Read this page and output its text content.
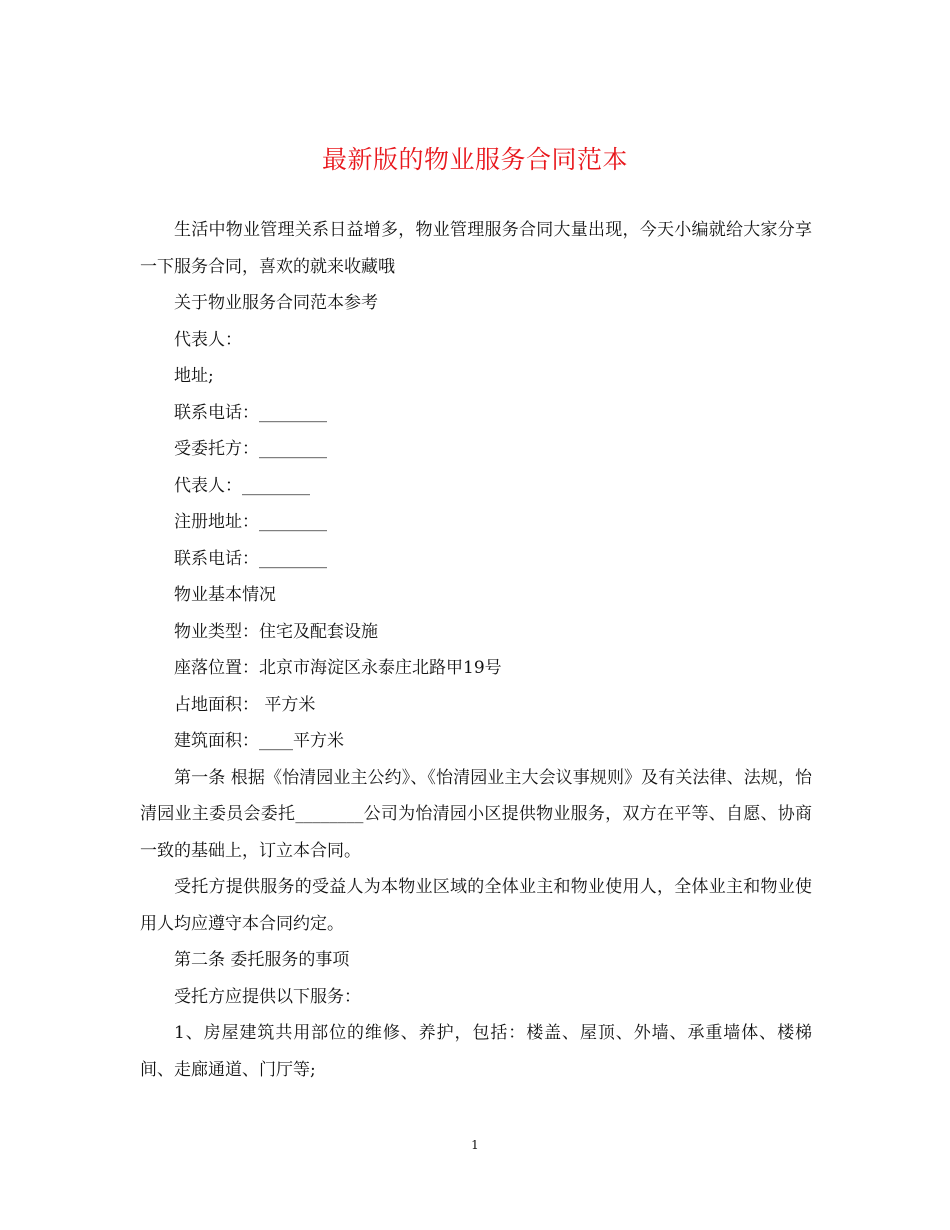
最新版的物业服务合同范本

生活中物业管理关系日益增多，物业管理服务合同大量出现，今天小编就给大家分享一下服务合同，喜欢的就来收藏哦

关于物业服务合同范本参考

代表人：

地址;

联系电话：________

受委托方：________

代表人：________

注册地址：________

联系电话：________

物业基本情况

物业类型：住宅及配套设施

座落位置：北京市海淀区永泰庄北路甲19号

占地面积： 平方米

建筑面积：____平方米

第一条 根据《怡清园业主公约》、《怡清园业主大会议事规则》及有关法律、法规，怡清园业主委员会委托________公司为怡清园小区提供物业服务，双方在平等、自愿、协商一致的基础上，订立本合同。

受托方提供服务的受益人为本物业区域的全体业主和物业使用人，全体业主和物业使用人均应遵守本合同约定。

第二条 委托服务的事项

受托方应提供以下服务：

1、房屋建筑共用部位的维修、养护，包括：楼盖、屋顶、外墙、承重墙体、楼梯间、走廊通道、门厅等;

1
